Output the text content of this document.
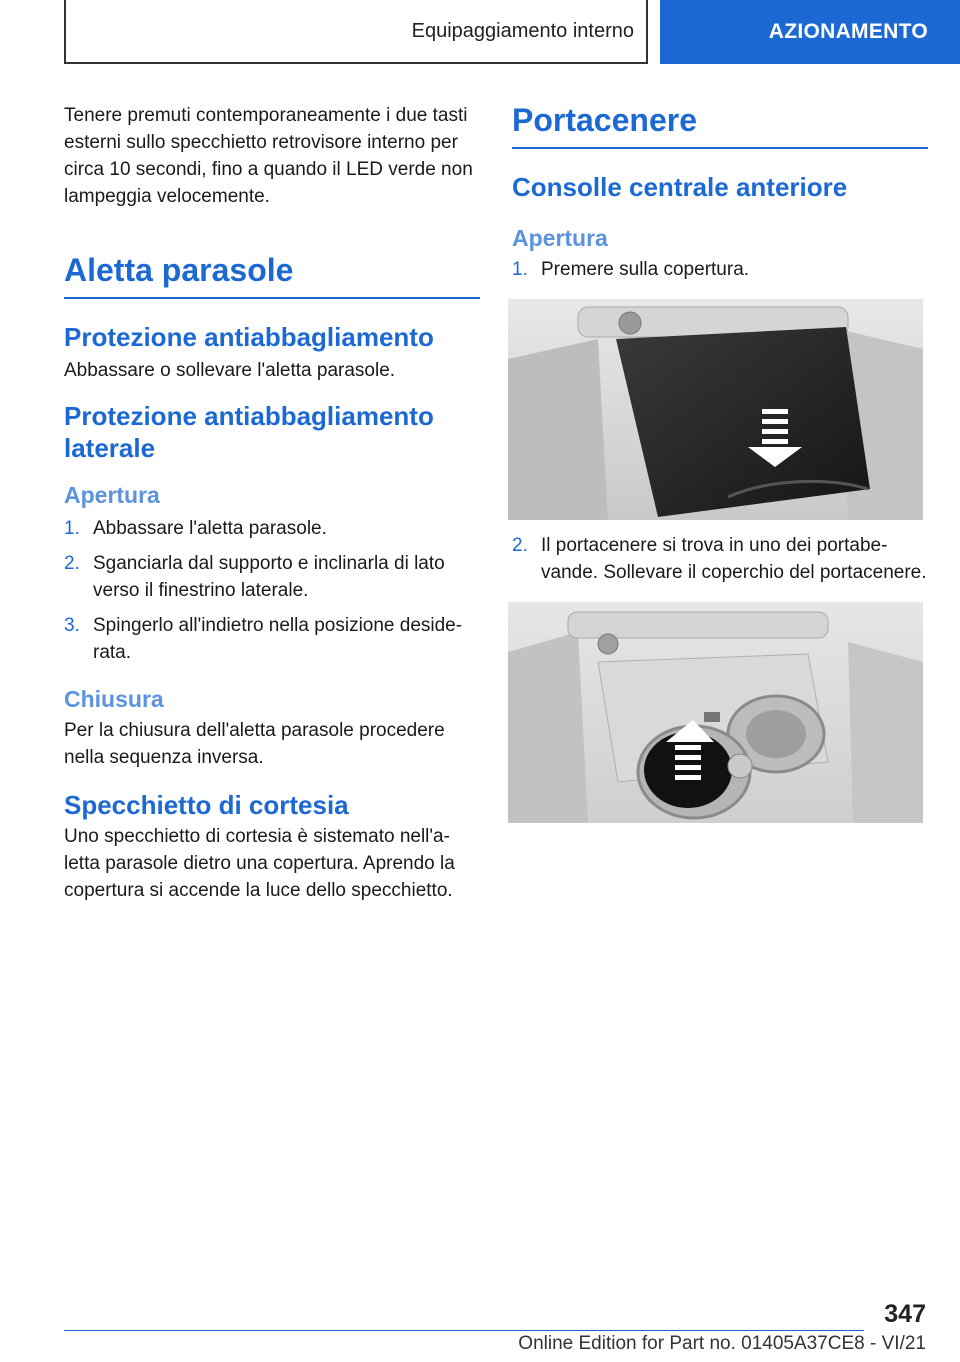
Equipaggiamento interno	AZIONAMENTO

Tenere premuti contemporaneamente i due tasti esterni sullo specchietto retrovisore interno per circa 10 secondi, fino a quando il LED verde non lampeggia velocemente.

Aletta parasole
Protezione antiabbagliamento

Abbassare o sollevare l'aletta parasole.

Protezione antiabbagliamento laterale
Apertura
1. Abbassare l'aletta parasole.
2. Sganciarla dal supporto e inclinarla di lato verso il finestrino laterale.
3. Spingerlo all'indietro nella posizione deside‐rata.
Chiusura

Per la chiusura dell'aletta parasole procedere nella sequenza inversa.

Specchietto di cortesia

Uno specchietto di cortesia è sistemato nell'a‐letta parasole dietro una copertura. Aprendo la copertura si accende la luce dello specchietto.

Portacenere
Consolle centrale anteriore
Apertura
1. Premere sulla copertura.
2. Il portacenere si trova in uno dei portabe‐vande. Sollevare il coperchio del portacenere.
347
Online Edition for Part no. 01405A37CE8 - VI/21
